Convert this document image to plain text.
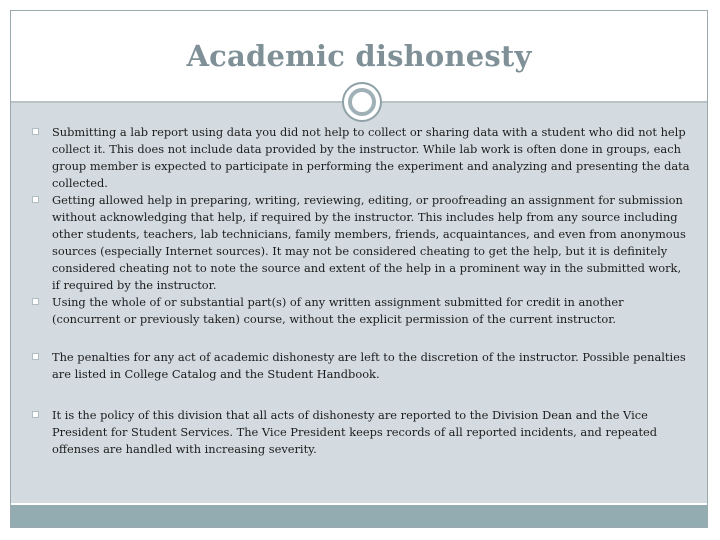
Academic dishonesty

Submitting a lab report using data you did not help to collect or sharing data with a student who did not help collect it. This does not include data provided by the instructor. While lab work is often done in groups, each group member is expected to participate in performing the experiment and analyzing and presenting the data collected.

Getting allowed help in preparing, writing, reviewing, editing, or proofreading an assignment for submission without acknowledging that help, if required by the instructor. This includes help from any source including other students, teachers, lab technicians, family members, friends, acquaintances, and even from anonymous sources (especially Internet sources). It may not be considered cheating to get the help, but it is definitely considered cheating not to note the source and extent of the help in a prominent way in the submitted work, if required by the instructor.

Using the whole of or substantial part(s) of any written assignment submitted for credit in another (concurrent or previously taken) course, without the explicit permission of the current instructor.

The penalties for any act of academic dishonesty are left to the discretion of the instructor. Possible penalties are listed in College Catalog and the Student Handbook.

It is the policy of this division that all acts of dishonesty are reported to the Division Dean and the Vice President for Student Services. The Vice President keeps records of all reported incidents, and repeated offenses are handled with increasing severity.
